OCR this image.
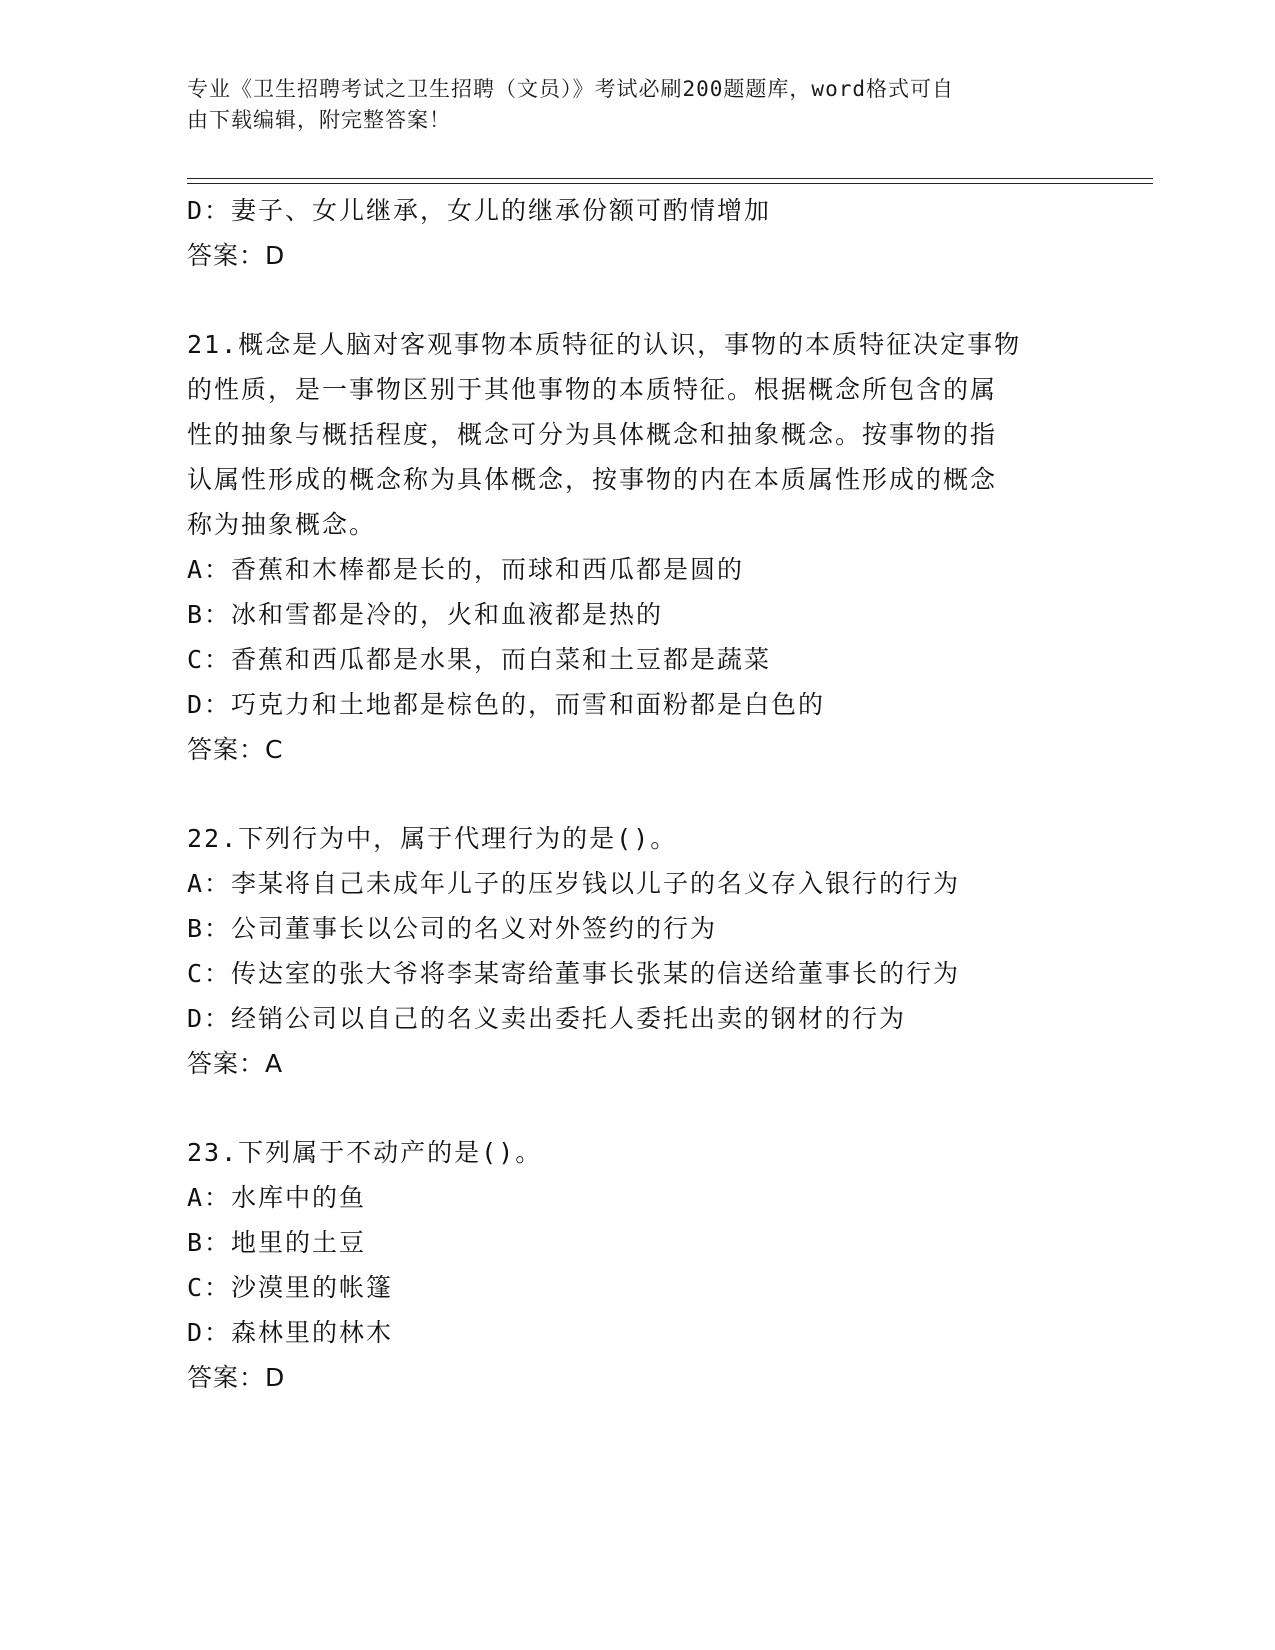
专业《卫生招聘考试之卫生招聘（文员）》考试必刷200题题库，word格式可自
由下载编辑，附完整答案！

D：妻子、女儿继承，女儿的继承份额可酌情增加

答案：D

21.概念是人脑对客观事物本质特征的认识，事物的本质特征决定事物

的性质，是一事物区别于其他事物的本质特征。根据概念所包含的属

性的抽象与概括程度，概念可分为具体概念和抽象概念。按事物的指

认属性形成的概念称为具体概念，按事物的内在本质属性形成的概念

称为抽象概念。

A：香蕉和木棒都是长的，而球和西瓜都是圆的

B：冰和雪都是冷的，火和血液都是热的

C：香蕉和西瓜都是水果，而白菜和土豆都是蔬菜

D：巧克力和土地都是棕色的，而雪和面粉都是白色的

答案：C

22.下列行为中，属于代理行为的是()。

A：李某将自己未成年儿子的压岁钱以儿子的名义存入银行的行为

B：公司董事长以公司的名义对外签约的行为

C：传达室的张大爷将李某寄给董事长张某的信送给董事长的行为

D：经销公司以自己的名义卖出委托人委托出卖的钢材的行为

答案：A

23.下列属于不动产的是()。

A：水库中的鱼

B：地里的土豆

C：沙漠里的帐篷

D：森林里的林木

答案：D
